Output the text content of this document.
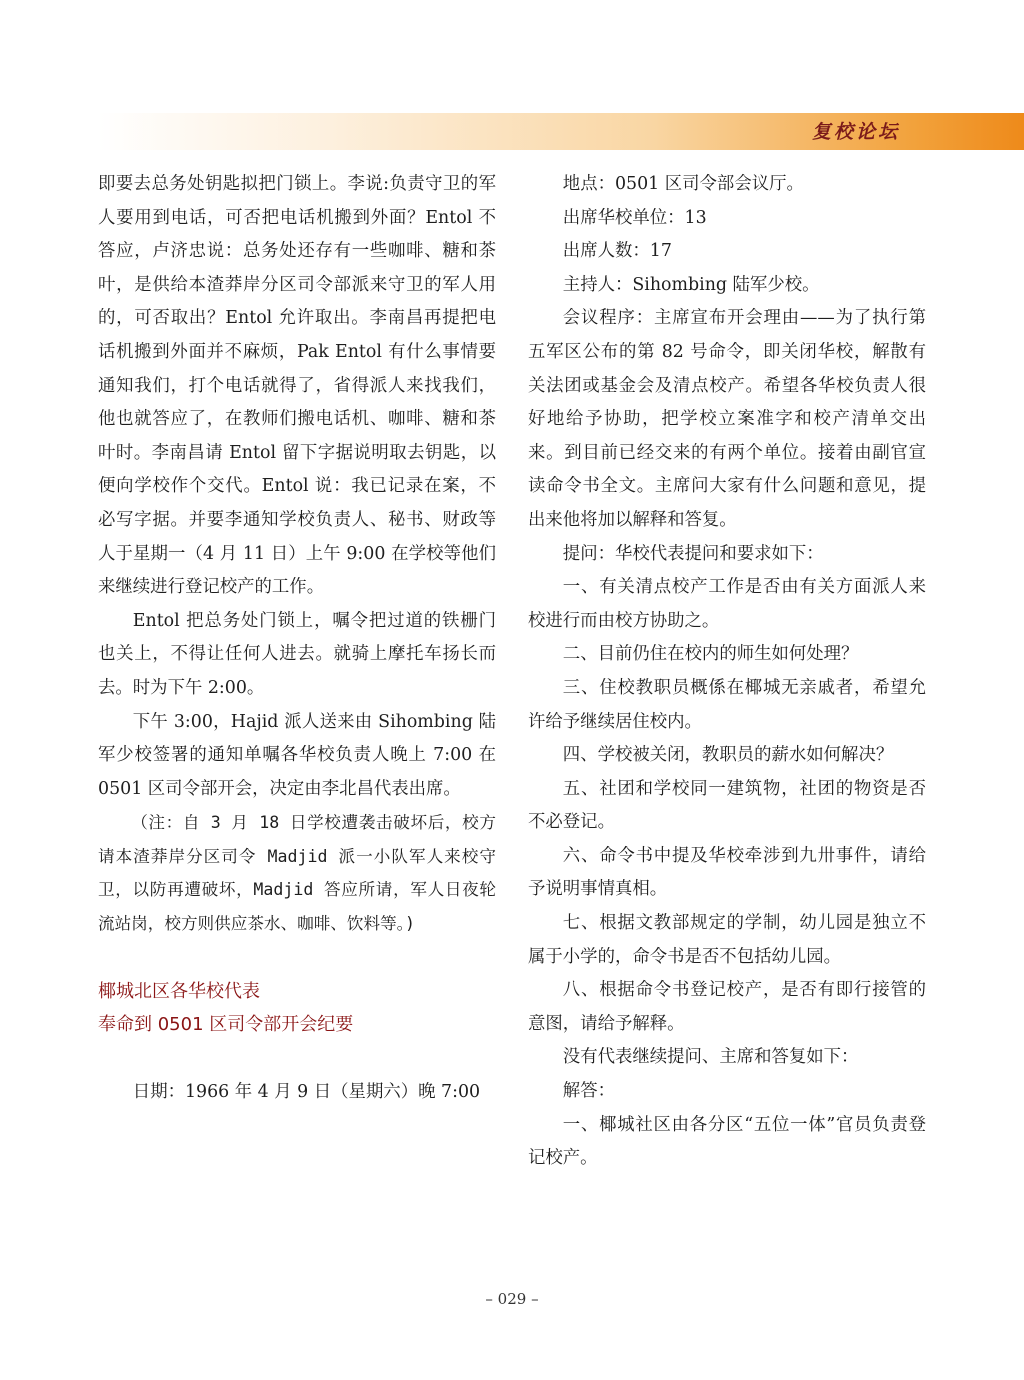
复校论坛

即要去总务处钥匙拟把门锁上。李说:负责守卫的军人要用到电话，可否把电话机搬到外面？Entol 不答应，卢济忠说：总务处还存有一些咖啡、糖和茶叶，是供给本渣莽岸分区司令部派来守卫的军人用的，可否取出？Entol 允许取出。李南昌再提把电话机搬到外面并不麻烦，Pak Entol 有什么事情要通知我们，打个电话就得了，省得派人来找我们，他也就答应了，在教师们搬电话机、咖啡、糖和茶叶时。李南昌请 Entol 留下字据说明取去钥匙，以便向学校作个交代。Entol 说：我已记录在案，不必写字据。并要李通知学校负责人、秘书、财政等人于星期一（4 月 11 日）上午 9:00 在学校等他们来继续进行登记校产的工作。

Entol 把总务处门锁上，嘱令把过道的铁栅门也关上，不得让任何人进去。就骑上摩托车扬长而去。时为下午 2:00。

下午 3:00，Hajid 派人送来由 Sihombing 陆军少校签署的通知单嘱各华校负责人晚上 7:00 在 0501 区司令部开会，决定由李北昌代表出席。

（注：自 3 月 18 日学校遭袭击破坏后，校方请本渣莽岸分区司令 Madjid 派一小队军人来校守卫，以防再遭破坏，Madjid 答应所请，军人日夜轮流站岗，校方则供应茶水、咖啡、饮料等。)

椰城北区各华校代表

奉命到 0501 区司令部开会纪要

日期：1966 年 4 月 9 日（星期六）晚 7:00

地点：0501 区司令部会议厅。

出席华校单位：13

出席人数：17

主持人：Sihombing 陆军少校。

会议程序：主席宣布开会理由——为了执行第五军区公布的第 82 号命令，即关闭华校，解散有关法团或基金会及清点校产。希望各华校负责人很好地给予协助，把学校立案准字和校产清单交出来。到目前已经交来的有两个单位。接着由副官宣读命令书全文。主席问大家有什么问题和意见，提出来他将加以解释和答复。

提问：华校代表提问和要求如下：

一、有关清点校产工作是否由有关方面派人来校进行而由校方协助之。

二、目前仍住在校内的师生如何处理？

三、住校教职员概係在椰城无亲戚者，希望允许给予继续居住校内。

四、学校被关闭，教职员的薪水如何解决？

五、社团和学校同一建筑物，社团的物资是否不必登记。

六、命令书中提及华校牵涉到九卅事件，请给予说明事情真相。

七、根据文教部规定的学制，幼儿园是独立不属于小学的，命令书是否不包括幼儿园。

八、根据命令书登记校产，是否有即行接管的意图，请给予解释。

没有代表继续提问、主席和答复如下：

解答：

一、椰城社区由各分区“五位一体”官员负责登记校产。

– 029 –
